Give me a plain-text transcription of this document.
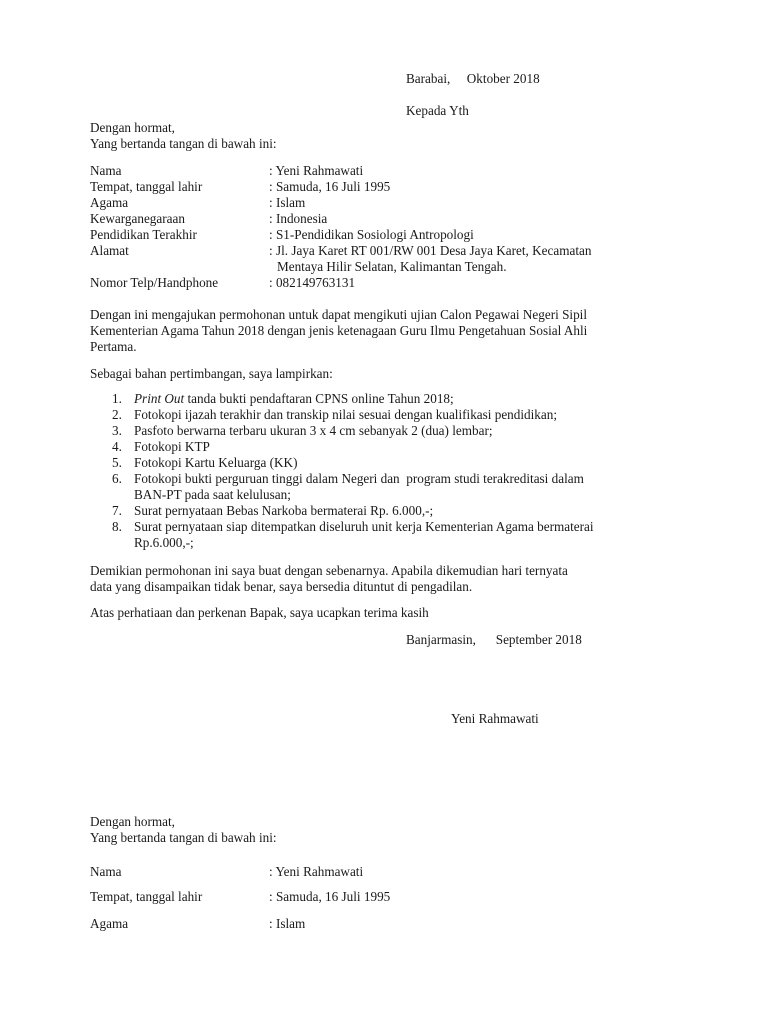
Barabai,     Oktober 2018
Kepada Yth
Dengan hormat,
Yang bertanda tangan di bawah ini:
Nama	: Yeni Rahmawati
Tempat, tanggal lahir	: Samuda, 16 Juli 1995
Agama	: Islam
Kewarganegaraan	: Indonesia
Pendidikan Terakhir	: S1-Pendidikan Sosiologi Antropologi
Alamat	: Jl. Jaya Karet RT 001/RW 001 Desa Jaya Karet, Kecamatan
Mentaya Hilir Selatan, Kalimantan Tengah.
Nomor Telp/Handphone	: 082149763131
Dengan ini mengajukan permohonan untuk dapat mengikuti ujian Calon Pegawai Negeri Sipil
Kementerian Agama Tahun 2018 dengan jenis ketenagaan Guru Ilmu Pengetahuan Sosial Ahli
Pertama.
Sebagai bahan pertimbangan, saya lampirkan:
1. Print Out tanda bukti pendaftaran CPNS online Tahun 2018;
2. Fotokopi ijazah terakhir dan transkip nilai sesuai dengan kualifikasi pendidikan;
3. Pasfoto berwarna terbaru ukuran 3 x 4 cm sebanyak 2 (dua) lembar;
4. Fotokopi KTP
5. Fotokopi Kartu Keluarga (KK)
6. Fotokopi bukti perguruan tinggi dalam Negeri dan  program studi terakreditasi dalam
BAN-PT pada saat kelulusan;
7. Surat pernyataan Bebas Narkoba bermaterai Rp. 6.000,-;
8. Surat pernyataan siap ditempatkan diseluruh unit kerja Kementerian Agama bermaterai
Rp.6.000,-;
Demikian permohonan ini saya buat dengan sebenarnya. Apabila dikemudian hari ternyata
data yang disampaikan tidak benar, saya bersedia dituntut di pengadilan.
Atas perhatiaan dan perkenan Bapak, saya ucapkan terima kasih
Banjarmasin,      September 2018
Yeni Rahmawati
Dengan hormat,
Yang bertanda tangan di bawah ini:
Nama	: Yeni Rahmawati
Tempat, tanggal lahir	: Samuda, 16 Juli 1995
Agama	: Islam
